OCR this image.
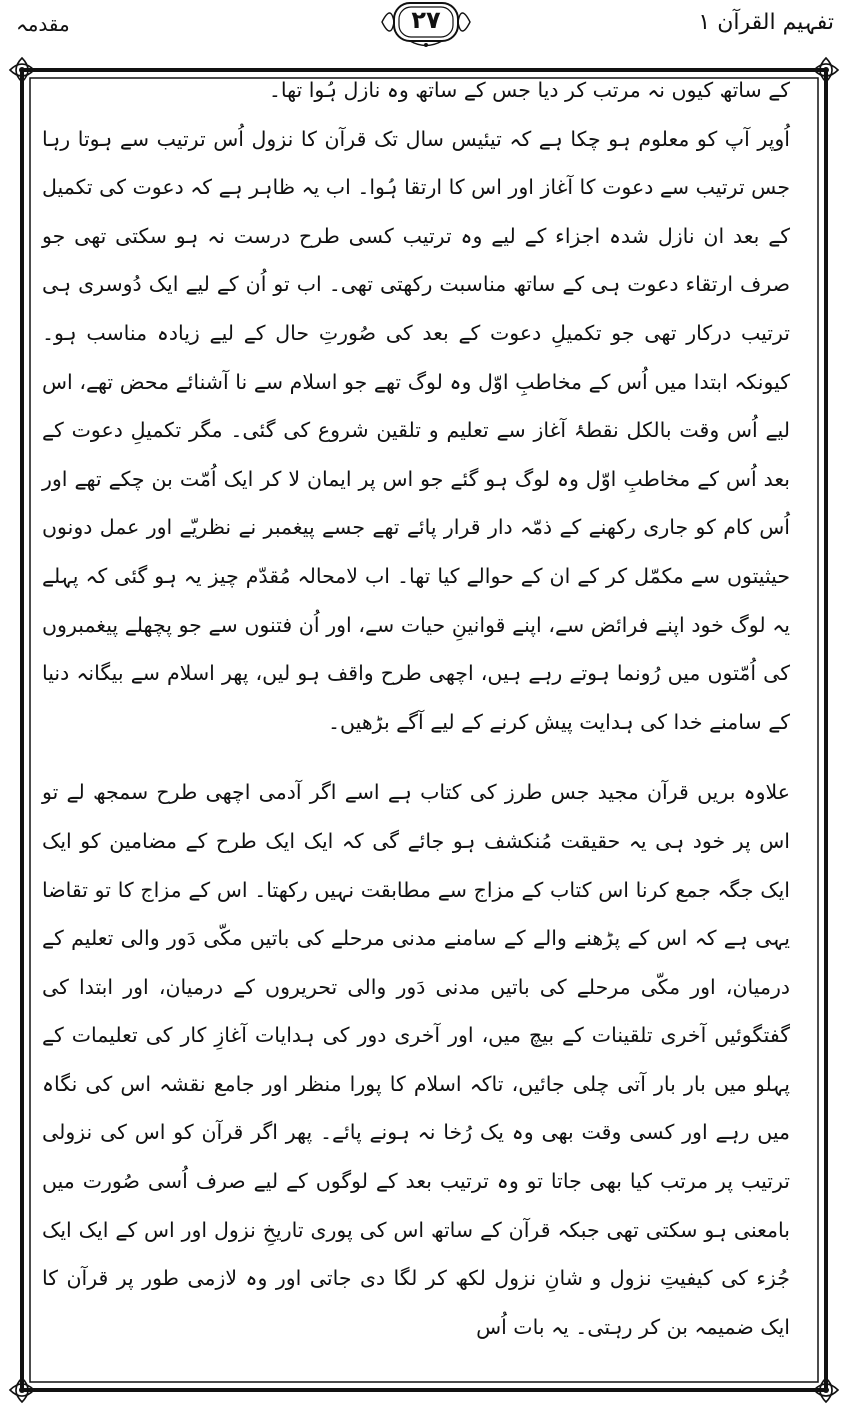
تفہیم القرآن ۱
۲۷
مقدمہ

کے ساتھ کیوں نہ مرتب کر دیا جس کے ساتھ وہ نازل ہُوا تھا۔

اُوپر آپ کو معلوم ہو چکا ہے کہ تیئیس سال تک قرآن کا نزول اُس ترتیب سے ہوتا رہا جس ترتیب سے دعوت کا آغاز اور اس کا ارتقا ہُوا۔ اب یہ ظاہر ہے کہ دعوت کی تکمیل کے بعد ان نازل شدہ اجزاء کے لیے وہ ترتیب کسی طرح درست نہ ہو سکتی تھی جو صرف ارتقاء دعوت ہی کے ساتھ مناسبت رکھتی تھی۔ اب تو اُن کے لیے ایک دُوسری ہی ترتیب درکار تھی جو تکمیلِ دعوت کے بعد کی صُورتِ حال کے لیے زیادہ مناسب ہو۔ کیونکہ ابتدا میں اُس کے مخاطبِ اوّل وہ لوگ تھے جو اسلام سے نا آشنائے محض تھے، اس لیے اُس وقت بالکل نقطۂ آغاز سے تعلیم و تلقین شروع کی گئی۔ مگر تکمیلِ دعوت کے بعد اُس کے مخاطبِ اوّل وہ لوگ ہو گئے جو اس پر ایمان لا کر ایک اُمّت بن چکے تھے اور اُس کام کو جاری رکھنے کے ذمّہ دار قرار پائے تھے جسے پیغمبر نے نظریّے اور عمل دونوں حیثیتوں سے مکمّل کر کے ان کے حوالے کیا تھا۔ اب لامحالہ مُقدّم چیز یہ ہو گئی کہ پہلے یہ لوگ خود اپنے فرائض سے، اپنے قوانینِ حیات سے، اور اُن فتنوں سے جو پچھلے پیغمبروں کی اُمّتوں میں رُونما ہوتے رہے ہیں، اچھی طرح واقف ہو لیں، پھر اسلام سے بیگانہ دنیا کے سامنے خدا کی ہدایت پیش کرنے کے لیے آگے بڑھیں۔

علاوہ بریں قرآن مجید جس طرز کی کتاب ہے اسے اگر آدمی اچھی طرح سمجھ لے تو اس پر خود ہی یہ حقیقت مُنکشف ہو جائے گی کہ ایک ایک طرح کے مضامین کو ایک ایک جگہ جمع کرنا اس کتاب کے مزاج سے مطابقت نہیں رکھتا۔ اس کے مزاج کا تو تقاضا یہی ہے کہ اس کے پڑھنے والے کے سامنے مدنی مرحلے کی باتیں مکّی دَور والی تعلیم کے درمیان، اور مکّی مرحلے کی باتیں مدنی دَور والی تحریروں کے درمیان، اور ابتدا کی گفتگوئیں آخری تلقینات کے بیچ میں، اور آخری دور کی ہدایات آغازِ کار کی تعلیمات کے پہلو میں بار بار آتی چلی جائیں، تاکہ اسلام کا پورا منظر اور جامع نقشہ اس کی نگاہ میں رہے اور کسی وقت بھی وہ یک رُخا نہ ہونے پائے۔ پھر اگر قرآن کو اس کی نزولی ترتیب پر مرتب کیا بھی جاتا تو وہ ترتیب بعد کے لوگوں کے لیے صرف اُسی صُورت میں بامعنی ہو سکتی تھی جبکہ قرآن کے ساتھ اس کی پوری تاریخِ نزول اور اس کے ایک ایک جُزء کی کیفیتِ نزول و شانِ نزول لکھ کر لگا دی جاتی اور وہ لازمی طور پر قرآن کا ایک ضمیمہ بن کر رہتی۔ یہ بات اُس
